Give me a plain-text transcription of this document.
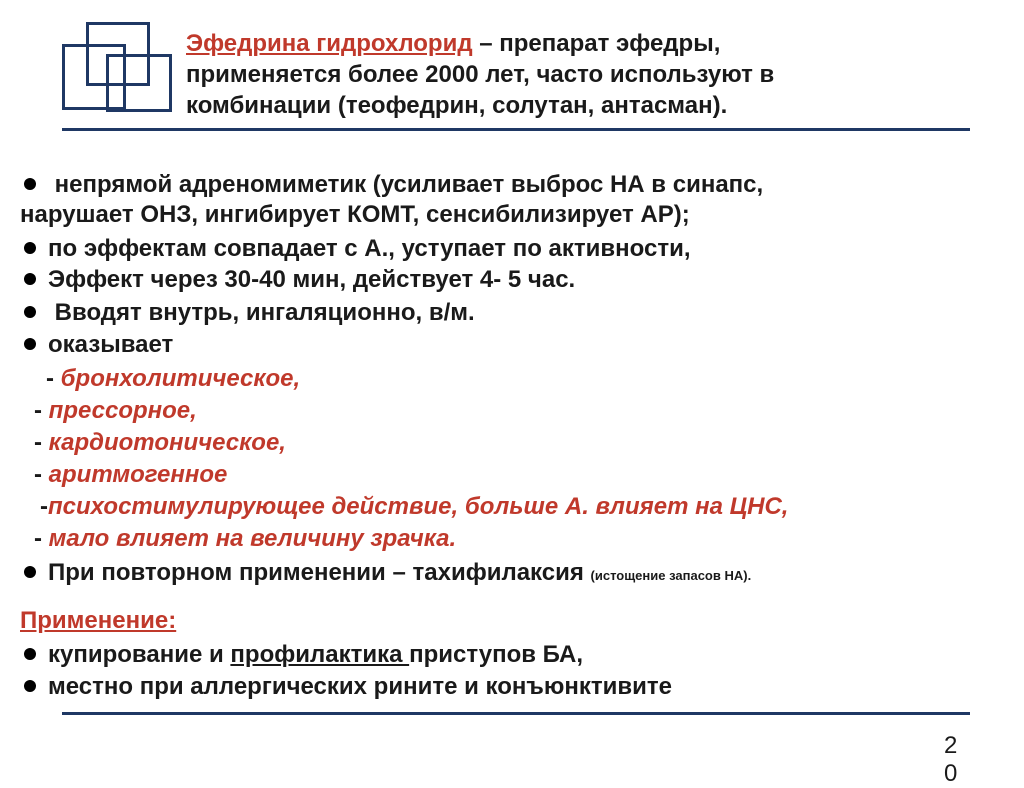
Эфедрина гидрохлорид – препарат эфедры,
применяется более 2000 лет, часто используют в
комбинации (теофедрин, солутан, антасман).
непрямой адреномиметик (усиливает выброс НА в синапс,
нарушает ОНЗ, ингибирует КОМТ, сенсибилизирует АР);
по эффектам совпадает с А., уступает по активности,
Эффект через 30-40 мин, действует 4- 5 час.
Вводят внутрь, ингаляционно, в/м.
оказывает
- бронхолитическое,
- прессорное,
- кардиотоническое,
- аритмогенное
-психостимулирующее действие, больше А. влияет на ЦНС,
- мало влияет на величину зрачка.
При повторном применении – тахифилаксия (истощение запасов НА).
Применение:
купирование и профилактика приступов БА,
местно при аллергических рините и конъюнктивите
20
